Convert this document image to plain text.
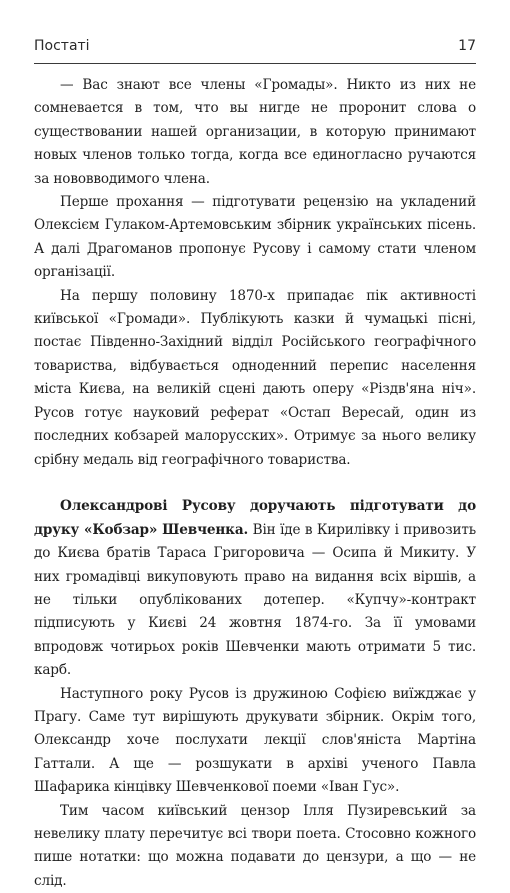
Постаті	17

— Вас знают все члены «Громады». Никто из них не сомневается в том, что вы нигде не проронит слова о существовании нашей организации, в которую принимают новых членов только тогда, когда все единогласно ручаются за нововводимого члена.

Перше прохання — підготувати рецензію на укладений Олексієм Гулаком-Артемовським збірник українських пісень. А далі Драгоманов пропонує Русову і самому стати членом організації.

На першу половину 1870-х припадає пік активності київської «Громади». Публікують казки й чумацькі пісні, постає Південно-Західний відділ Російського географічного товариства, відбувається одноденний перепис населення міста Києва, на великій сцені дають оперу «Різдв'яна ніч». Русов готує науковий реферат «Остап Вересай, один из последних кобзарей малорусских». Отримує за нього велику срібну медаль від географічного товариства.

Олександрові Русову доручають підготувати до друку «Кобзар» Шевченка. Він їде в Кирилівку і привозить до Києва братів Тараса Григоровича — Осипа й Микиту. У них громадівці викуповують право на видання всіх віршів, а не тільки опублікованих дотепер. «Купчу»-контракт підписують у Києві 24 жовтня 1874-го. За її умовами впродовж чотирьох років Шевченки мають отримати 5 тис. карб.

Наступного року Русов із дружиною Софією виїжджає у Прагу. Саме тут вирішують друкувати збірник. Окрім того, Олександр хоче послухати лекції слов'яніста Мартіна Гаттали. А ще — розшукати в архіві ученого Павла Шафарика кінцівку Шевченкової поеми «Іван Гус».

Тим часом київський цензор Ілля Пузиревський за невелику плату перечитує всі твори поета. Стосовно кожного пише нотатки: що можна подавати до цензури, а що — не слід.
